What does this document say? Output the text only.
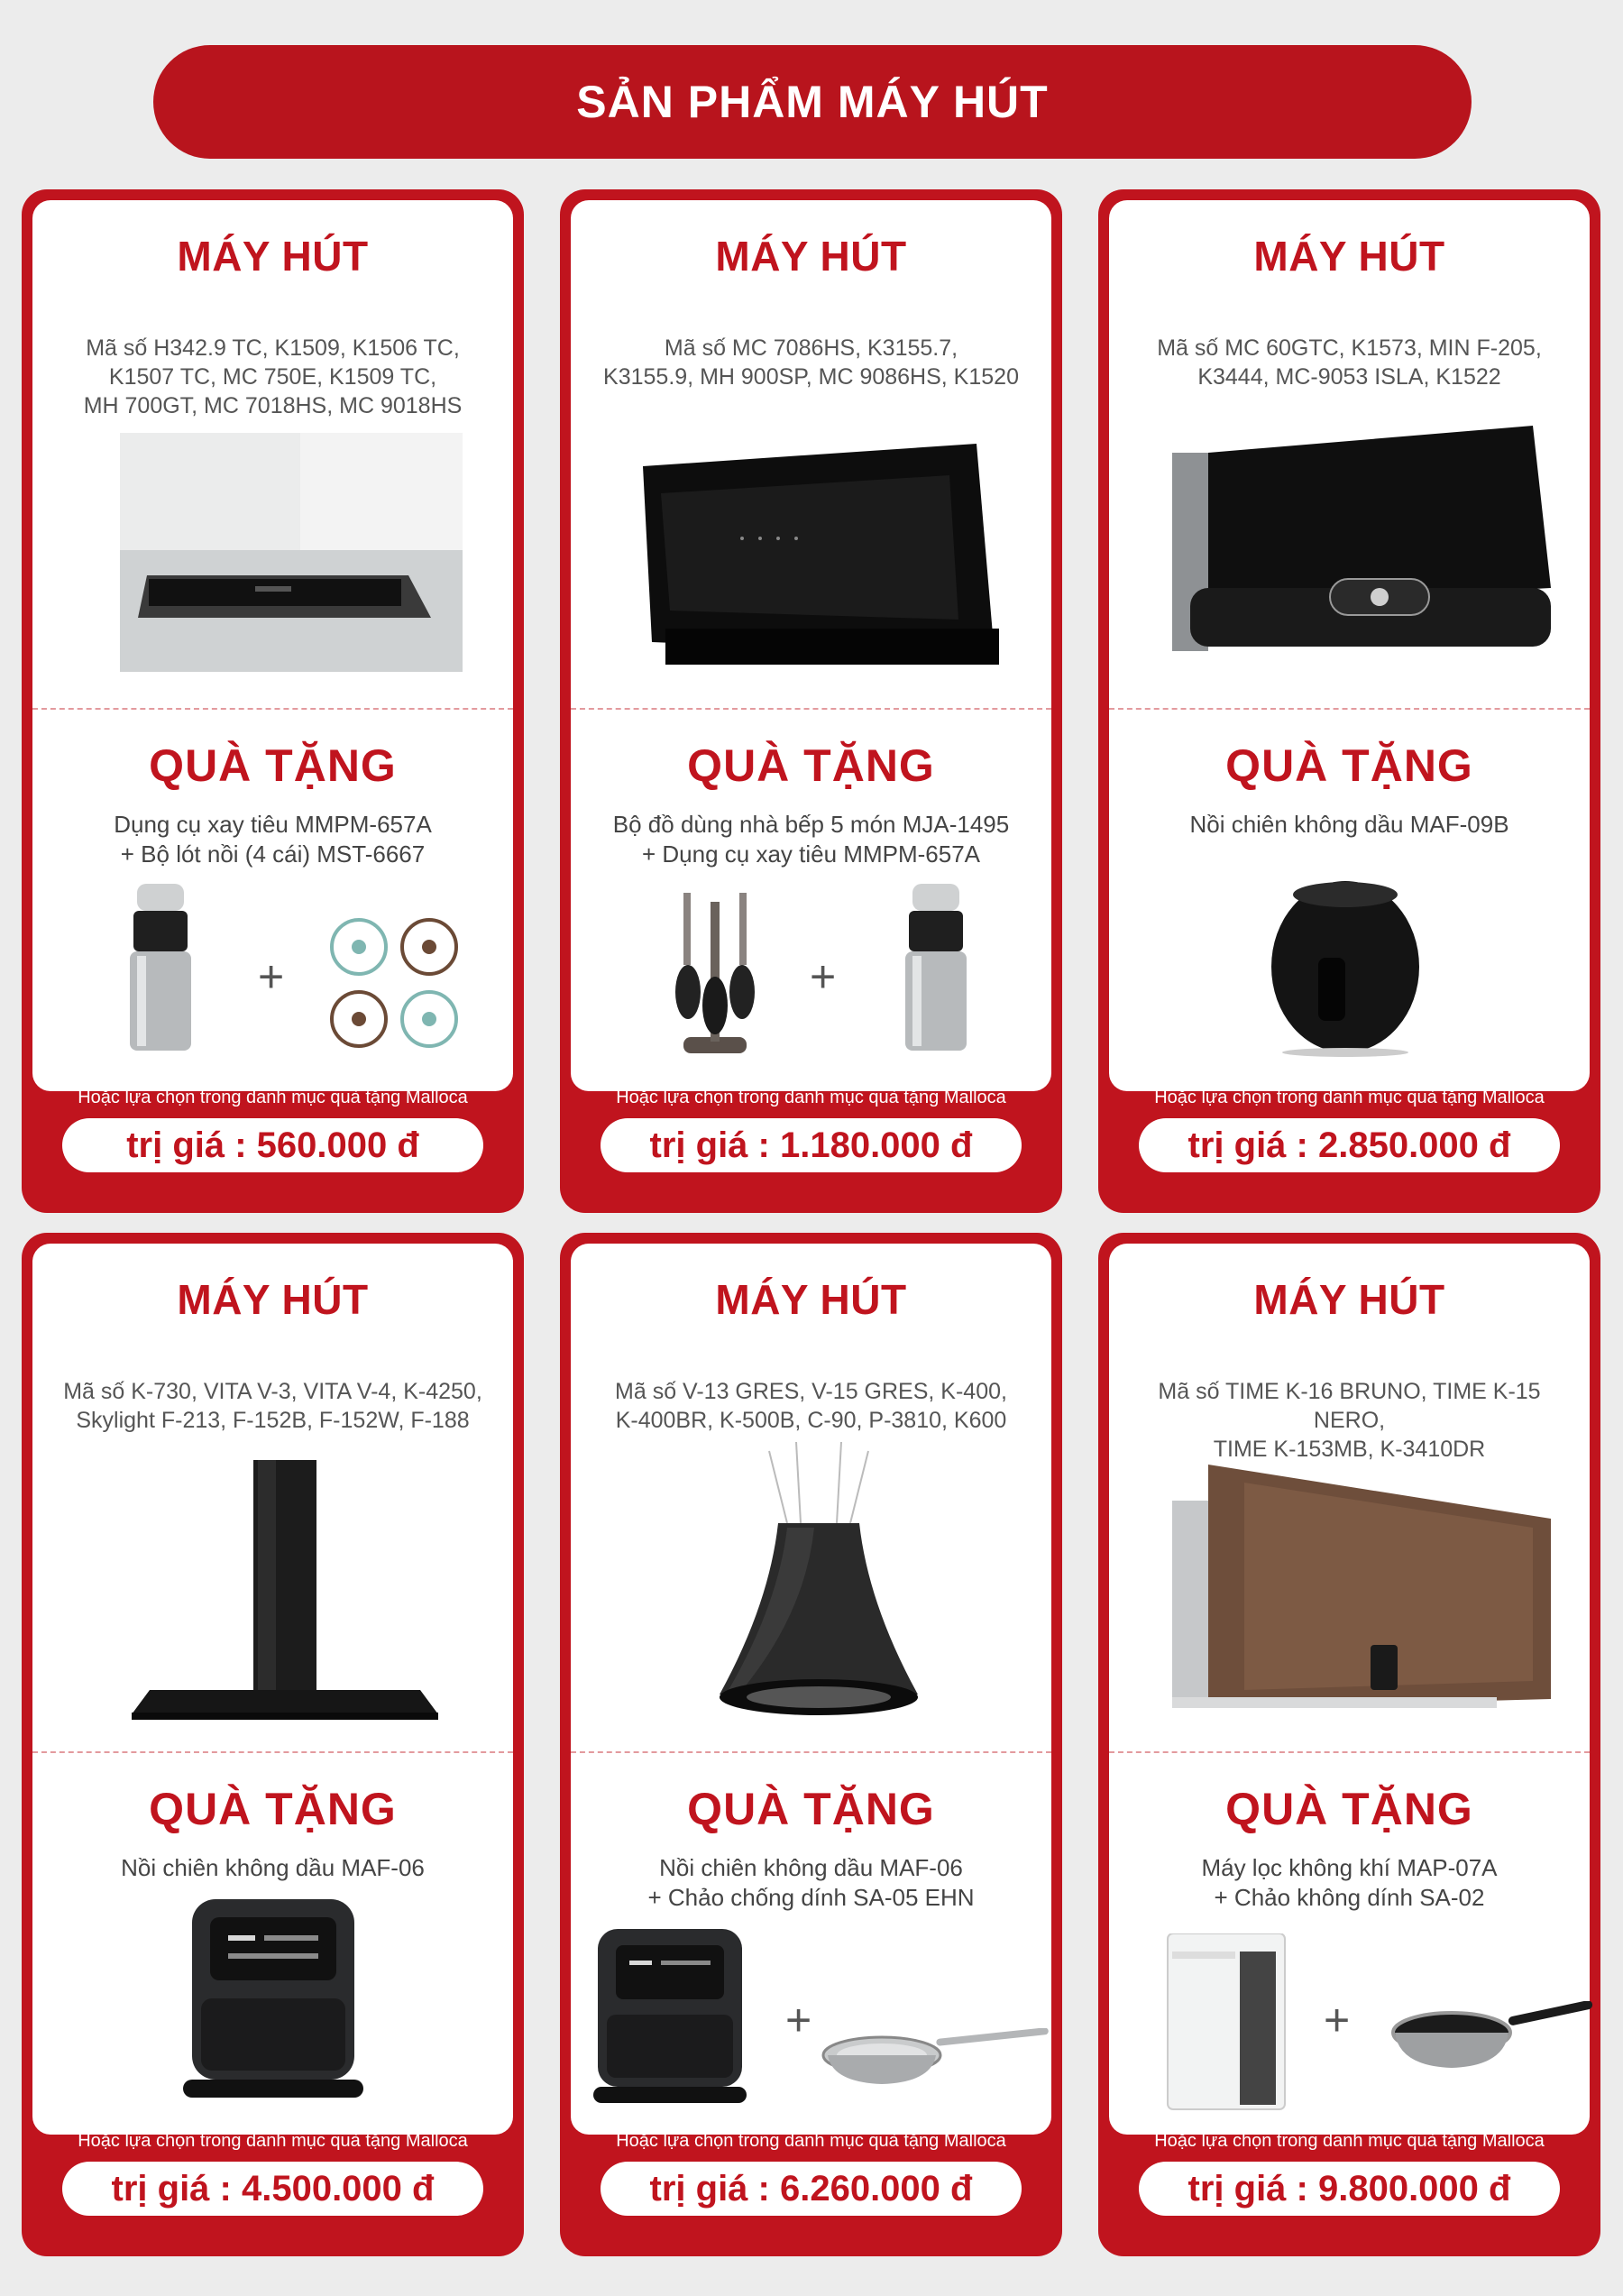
SẢN PHẨM MÁY HÚT
MÁY HÚT
Mã số H342.9 TC, K1509, K1506 TC,
K1507 TC, MC 750E, K1509 TC,
MH 700GT, MC 7018HS, MC 9018HS
QUÀ TẶNG
Dụng cụ xay tiêu MMPM-657A
+ Bộ lót nồi (4 cái) MST-6667
+
Hoặc lựa chọn trong danh mục quà tặng Malloca
trị giá : 560.000 đ
MÁY HÚT
Mã số MC 7086HS, K3155.7,
K3155.9, MH 900SP, MC 9086HS, K1520
QUÀ TẶNG
Bộ đồ dùng nhà bếp 5 món MJA-1495
+ Dụng cụ xay tiêu MMPM-657A
+
Hoặc lựa chọn trong danh mục quà tặng Malloca
trị giá : 1.180.000 đ
MÁY HÚT
Mã số MC 60GTC, K1573, MIN F-205,
K3444, MC-9053 ISLA, K1522
QUÀ TẶNG
Nồi chiên không dầu MAF-09B
Hoặc lựa chọn trong danh mục quà tặng Malloca
trị giá : 2.850.000 đ
MÁY HÚT
Mã số K-730, VITA V-3, VITA V-4, K-4250,
Skylight F-213, F-152B, F-152W, F-188
QUÀ TẶNG
Nồi chiên không dầu MAF-06
Hoặc lựa chọn trong danh mục quà tặng Malloca
trị giá : 4.500.000 đ
MÁY HÚT
Mã số V-13 GRES, V-15 GRES, K-400,
K-400BR, K-500B, C-90, P-3810, K600
QUÀ TẶNG
Nồi chiên không dầu MAF-06
+ Chảo chống dính SA-05 EHN
+
Hoặc lựa chọn trong danh mục quà tặng Malloca
trị giá : 6.260.000 đ
MÁY HÚT
Mã số TIME K-16 BRUNO, TIME K-15 NERO,
TIME K-153MB, K-3410DR
QUÀ TẶNG
Máy lọc không khí MAP-07A
+ Chảo không dính SA-02
+
Hoặc lựa chọn trong danh mục quà tặng Malloca
trị giá : 9.800.000 đ
